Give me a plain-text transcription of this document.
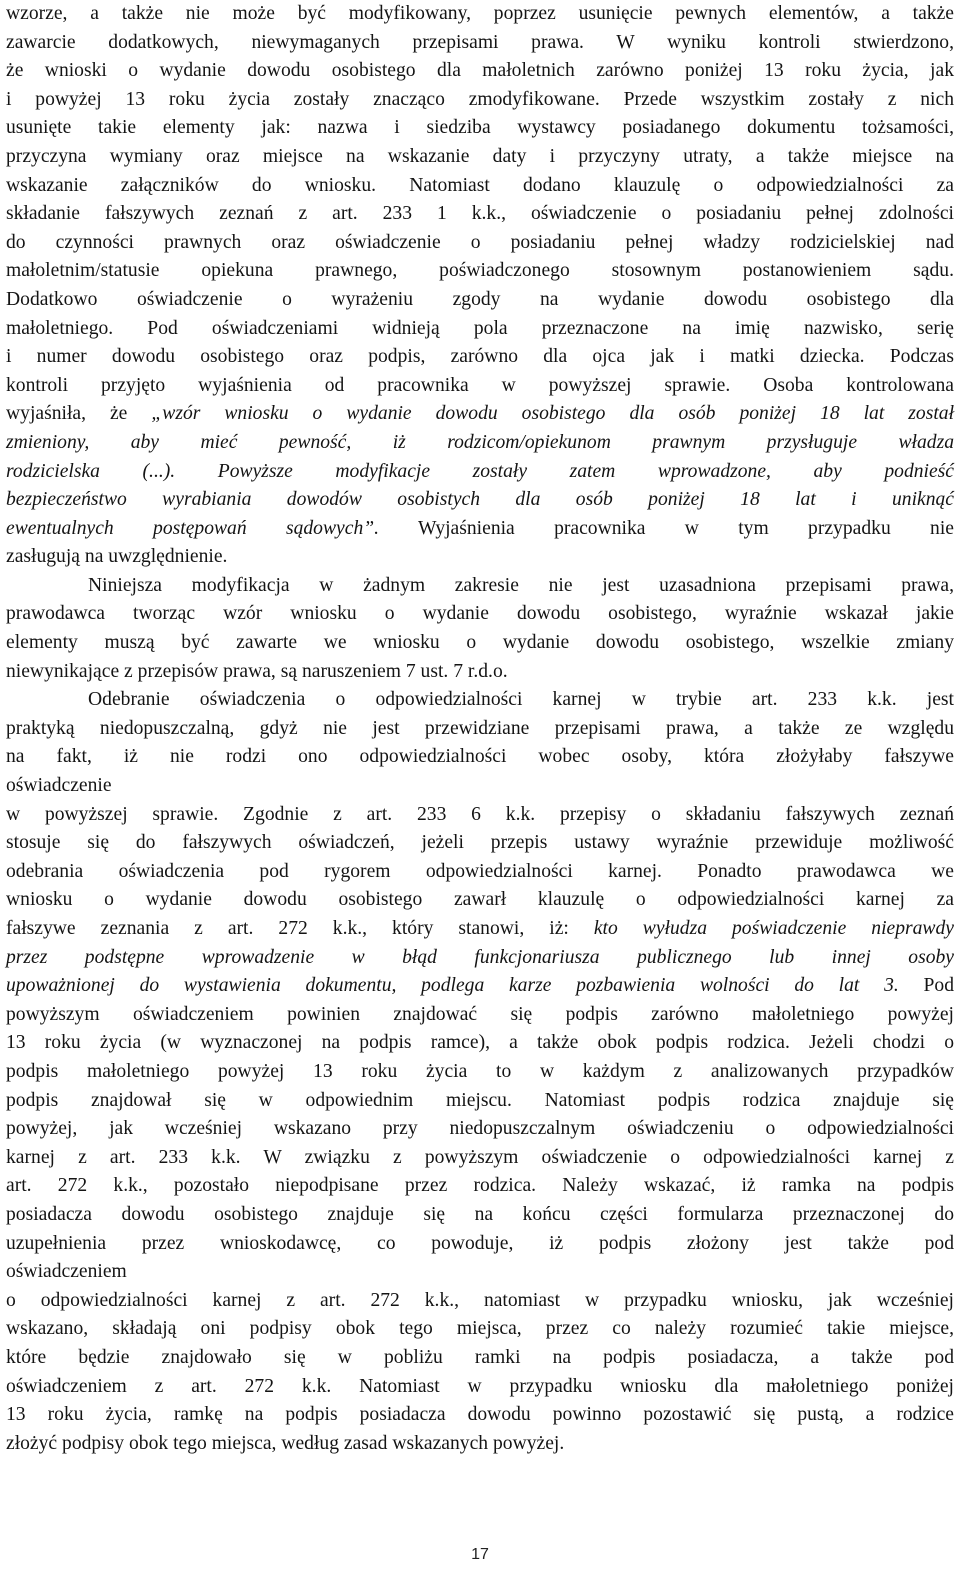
wzorze, a także nie może być modyfikowany, poprzez usunięcie pewnych elementów, a także
zawarcie dodatkowych, niewymaganych przepisami prawa. W wyniku kontroli stwierdzono,
że wnioski o wydanie dowodu osobistego dla małoletnich zarówno poniżej 13 roku życia, jak
i powyżej 13 roku życia zostały znacząco zmodyfikowane. Przede wszystkim zostały z nich
usunięte takie elementy jak: nazwa i siedziba wystawcy posiadanego dokumentu tożsamości,
przyczyna wymiany oraz miejsce na wskazanie daty i przyczyny utraty, a także miejsce na
wskazanie załączników do wniosku. Natomiast dodano klauzulę o odpowiedzialności za
składanie fałszywych zeznań z art. 233 1 k.k., oświadczenie o posiadaniu pełnej zdolności
do czynności prawnych oraz oświadczenie o posiadaniu pełnej władzy rodzicielskiej nad
małoletnim/statusie opiekuna prawnego, poświadczonego stosownym postanowieniem sądu.
Dodatkowo oświadczenie o wyrażeniu zgody na wydanie dowodu osobistego dla
małoletniego. Pod oświadczeniami widnieją pola przeznaczone na imię nazwisko, serię
i numer dowodu osobistego oraz podpis, zarówno dla ojca jak i matki dziecka. Podczas
kontroli przyjęto wyjaśnienia od pracownika w powyższej sprawie. Osoba kontrolowana
wyjaśniła, że „wzór wniosku o wydanie dowodu osobistego dla osób poniżej 18 lat został
zmieniony, aby mieć pewność, iż rodzicom/opiekunom prawnym przysługuje władza
rodzicielska (...). Powyższe modyfikacje zostały zatem wprowadzone, aby podnieść
bezpieczeństwo wyrabiania dowodów osobistych dla osób poniżej 18 lat i uniknąć
ewentualnych postępowań sądowych”. Wyjaśnienia pracownika w tym przypadku nie
zasługują na uwzględnienie.
Niniejsza modyfikacja w żadnym zakresie nie jest uzasadniona przepisami prawa,
prawodawca tworząc wzór wniosku o wydanie dowodu osobistego, wyraźnie wskazał jakie
elementy muszą być zawarte we wniosku o wydanie dowodu osobistego, wszelkie zmiany
niewynikające z przepisów prawa, są naruszeniem 7 ust. 7 r.d.o.
Odebranie oświadczenia o odpowiedzialności karnej w trybie art. 233 k.k. jest
praktyką niedopuszczalną, gdyż nie jest przewidziane przepisami prawa, a także ze względu
na fakt, iż nie rodzi ono odpowiedzialności wobec osoby, która złożyłaby fałszywe
oświadczenie
w powyższej sprawie. Zgodnie z art. 233 6 k.k. przepisy o składaniu fałszywych zeznań
stosuje się do fałszywych oświadczeń, jeżeli przepis ustawy wyraźnie przewiduje możliwość
odebrania oświadczenia pod rygorem odpowiedzialności karnej. Ponadto prawodawca we
wniosku o wydanie dowodu osobistego zawarł klauzulę o odpowiedzialności karnej za
fałszywe zeznania z art. 272 k.k., który stanowi, iż: kto wyłudza poświadczenie nieprawdy
przez podstępne wprowadzenie w błąd funkcjonariusza publicznego lub innej osoby
upoważnionej do wystawienia dokumentu, podlega karze pozbawienia wolności do lat 3. Pod
powyższym oświadczeniem powinien znajdować się podpis zarówno małoletniego powyżej
13 roku życia (w wyznaczonej na podpis ramce), a także obok podpis rodzica. Jeżeli chodzi o
podpis małoletniego powyżej 13 roku życia to w każdym z analizowanych przypadków
podpis znajdował się w odpowiednim miejscu. Natomiast podpis rodzica znajduje się
powyżej, jak wcześniej wskazano przy niedopuszczalnym oświadczeniu o odpowiedzialności
karnej z art. 233 k.k. W związku z powyższym oświadczenie o odpowiedzialności karnej z
art. 272 k.k., pozostało niepodpisane przez rodzica. Należy wskazać, iż ramka na podpis
posiadacza dowodu osobistego znajduje się na końcu części formularza przeznaczonej do
uzupełnienia przez wnioskodawcę, co powoduje, iż podpis złożony jest także pod
oświadczeniem
o odpowiedzialności karnej z art. 272 k.k., natomiast w przypadku wniosku, jak wcześniej
wskazano, składają oni podpisy obok tego miejsca, przez co należy rozumieć takie miejsce,
które będzie znajdowało się w pobliżu ramki na podpis posiadacza, a także pod
oświadczeniem z art. 272 k.k. Natomiast w przypadku wniosku dla małoletniego poniżej
13 roku życia, ramkę na podpis posiadacza dowodu powinno pozostawić się pustą, a rodzice
złożyć podpisy obok tego miejsca, według zasad wskazanych powyżej.
17
